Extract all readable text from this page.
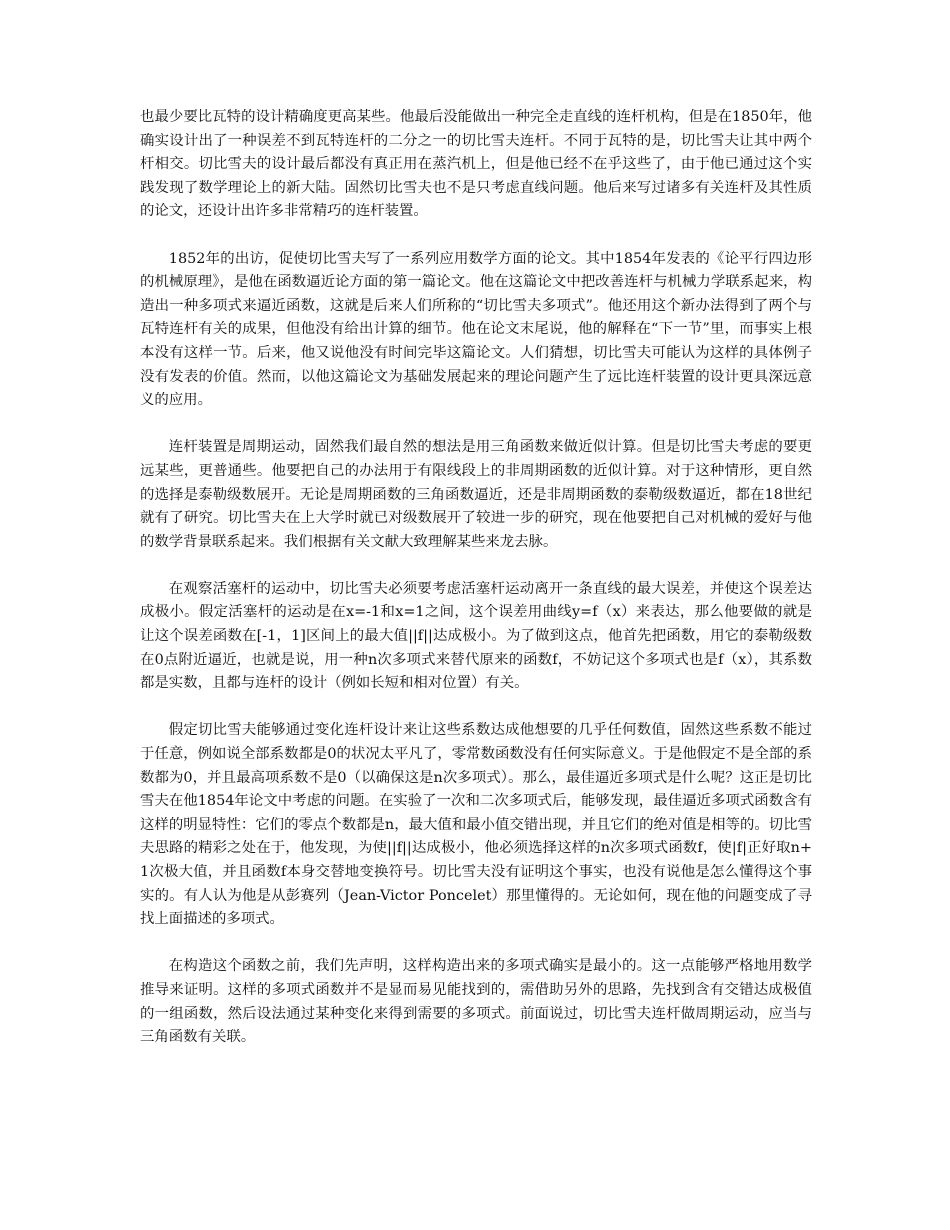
也最少要比瓦特的设计精确度更高某些。他最后没能做出一种完全走直线的连杆机构，但是在1850年，他确实设计出了一种误差不到瓦特连杆的二分之一的切比雪夫连杆。不同于瓦特的是，切比雪夫让其中两个杆相交。切比雪夫的设计最后都没有真正用在蒸汽机上，但是他已经不在乎这些了，由于他已通过这个实践发现了数学理论上的新大陆。固然切比雪夫也不是只考虑直线问题。他后来写过诸多有关连杆及其性质的论文，还设计出许多非常精巧的连杆装置。

1852年的出访，促使切比雪夫写了一系列应用数学方面的论文。其中1854年发表的《论平行四边形的机械原理》，是他在函数逼近论方面的第一篇论文。他在这篇论文中把改善连杆与机械力学联系起来，构造出一种多项式来逼近函数，这就是后来人们所称的“切比雪夫多项式”。他还用这个新办法得到了两个与瓦特连杆有关的成果，但他没有给出计算的细节。他在论文末尾说，他的解释在“下一节”里，而事实上根本没有这样一节。后来，他又说他没有时间完毕这篇论文。人们猜想，切比雪夫可能认为这样的具体例子没有发表的价值。然而，以他这篇论文为基础发展起来的理论问题产生了远比连杆装置的设计更具深远意义的应用。

连杆装置是周期运动，固然我们最自然的想法是用三角函数来做近似计算。但是切比雪夫考虑的要更远某些，更普通些。他要把自己的办法用于有限线段上的非周期函数的近似计算。对于这种情形，更自然的选择是泰勒级数展开。无论是周期函数的三角函数逼近，还是非周期函数的泰勒级数逼近，都在18世纪就有了研究。切比雪夫在上大学时就已对级数展开了较进一步的研究，现在他要把自己对机械的爱好与他的数学背景联系起来。我们根据有关文献大致理解某些来龙去脉。

在观察活塞杆的运动中，切比雪夫必须要考虑活塞杆运动离开一条直线的最大误差，并使这个误差达成极小。假定活塞杆的运动是在x=-1和x=1之间，这个误差用曲线y=f（x）来表达，那么他要做的就是让这个误差函数在[-1，1]区间上的最大值||f||达成极小。为了做到这点，他首先把函数，用它的泰勒级数在0点附近逼近，也就是说，用一种n次多项式来替代原来的函数f，不妨记这个多项式也是f（x），其系数都是实数，且都与连杆的设计（例如长短和相对位置）有关。

假定切比雪夫能够通过变化连杆设计来让这些系数达成他想要的几乎任何数值，固然这些系数不能过于任意，例如说全部系数都是0的状况太平凡了，零常数函数没有任何实际意义。于是他假定不是全部的系数都为0，并且最高项系数不是0（以确保这是n次多项式）。那么，最佳逼近多项式是什么呢？这正是切比雪夫在他1854年论文中考虑的问题。在实验了一次和二次多项式后，能够发现，最佳逼近多项式函数含有这样的明显特性：它们的零点个数都是n，最大值和最小值交错出现，并且它们的绝对值是相等的。切比雪夫思路的精彩之处在于，他发现，为使||f||达成极小，他必须选择这样的n次多项式函数f，使|f|正好取n+1次极大值，并且函数f本身交替地变换符号。切比雪夫没有证明这个事实，也没有说他是怎么懂得这个事实的。有人认为他是从彭赛列（Jean-Victor Poncelet）那里懂得的。无论如何，现在他的问题变成了寻找上面描述的多项式。

在构造这个函数之前，我们先声明，这样构造出来的多项式确实是最小的。这一点能够严格地用数学推导来证明。这样的多项式函数并不是显而易见能找到的，需借助另外的思路，先找到含有交错达成极值的一组函数，然后设法通过某种变化来得到需要的多项式。前面说过，切比雪夫连杆做周期运动，应当与三角函数有关联。
